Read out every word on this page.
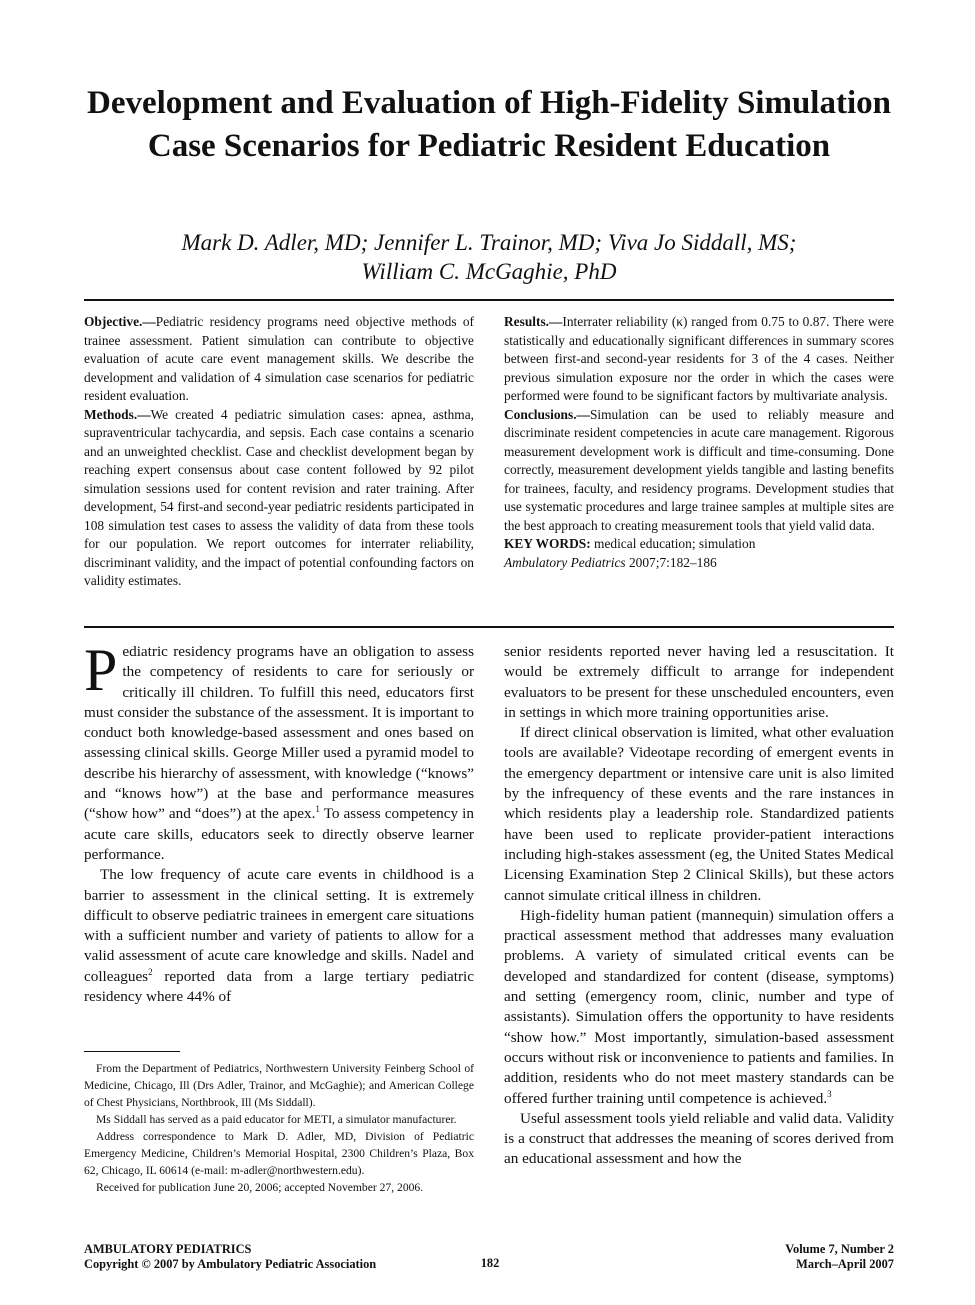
Development and Evaluation of High-Fidelity Simulation Case Scenarios for Pediatric Resident Education
Mark D. Adler, MD; Jennifer L. Trainor, MD; Viva Jo Siddall, MS;
William C. McGaghie, PhD

Objective.—Pediatric residency programs need objective methods of trainee assessment. Patient simulation can contribute to objective evaluation of acute care event management skills. We describe the development and validation of 4 simulation case scenarios for pediatric resident evaluation.

Methods.—We created 4 pediatric simulation cases: apnea, asthma, supraventricular tachycardia, and sepsis. Each case contains a scenario and an unweighted checklist. Case and checklist development began by reaching expert consensus about case content followed by 92 pilot simulation sessions used for content revision and rater training. After development, 54 first-and second-year pediatric residents participated in 108 simulation test cases to assess the validity of data from these tools for our population. We report outcomes for interrater reliability, discriminant validity, and the impact of potential confounding factors on validity estimates.

Results.—Interrater reliability (κ) ranged from 0.75 to 0.87. There were statistically and educationally significant differences in summary scores between first-and second-year residents for 3 of the 4 cases. Neither previous simulation exposure nor the order in which the cases were performed were found to be significant factors by multivariate analysis.

Conclusions.—Simulation can be used to reliably measure and discriminate resident competencies in acute care management. Rigorous measurement development work is difficult and time-consuming. Done correctly, measurement development yields tangible and lasting benefits for trainees, faculty, and residency programs. Development studies that use systematic procedures and large trainee samples at multiple sites are the best approach to creating measurement tools that yield valid data.

KEY WORDS: medical education; simulation

Ambulatory Pediatrics 2007;7:182–186

Pediatric residency programs have an obligation to assess the competency of residents to care for seriously or critically ill children. To fulfill this need, educators first must consider the substance of the assessment. It is important to conduct both knowledge-based assessment and ones based on assessing clinical skills. George Miller used a pyramid model to describe his hierarchy of assessment, with knowledge (“knows” and “knows how”) at the base and performance measures (“show how” and “does”) at the apex.$^1$ To assess competency in acute care skills, educators seek to directly observe learner performance.

The low frequency of acute care events in childhood is a barrier to assessment in the clinical setting. It is extremely difficult to observe pediatric trainees in emergent care situations with a sufficient number and variety of patients to allow for a valid assessment of acute care knowledge and skills. Nadel and colleagues$^2$ reported data from a large tertiary pediatric residency where 44% of

senior residents reported never having led a resuscitation. It would be extremely difficult to arrange for independent evaluators to be present for these unscheduled encounters, even in settings in which more training opportunities arise.

If direct clinical observation is limited, what other evaluation tools are available? Videotape recording of emergent events in the emergency department or intensive care unit is also limited by the infrequency of these events and the rare instances in which residents play a leadership role. Standardized patients have been used to replicate provider-patient interactions including high-stakes assessment (eg, the United States Medical Licensing Examination Step 2 Clinical Skills), but these actors cannot simulate critical illness in children.

High-fidelity human patient (mannequin) simulation offers a practical assessment method that addresses many evaluation problems. A variety of simulated critical events can be developed and standardized for content (disease, symptoms) and setting (emergency room, clinic, number and type of assistants). Simulation offers the opportunity to have residents “show how.” Most importantly, simulation-based assessment occurs without risk or inconvenience to patients and families. In addition, residents who do not meet mastery standards can be offered further training until competence is achieved.$^3$

Useful assessment tools yield reliable and valid data. Validity is a construct that addresses the meaning of scores derived from an educational assessment and how the

From the Department of Pediatrics, Northwestern University Feinberg School of Medicine, Chicago, Ill (Drs Adler, Trainor, and McGaghie); and American College of Chest Physicians, Northbrook, Ill (Ms Siddall).

Ms Siddall has served as a paid educator for METI, a simulator manufacturer.

Address correspondence to Mark D. Adler, MD, Division of Pediatric Emergency Medicine, Children’s Memorial Hospital, 2300 Children’s Plaza, Box 62, Chicago, IL 60614 (e-mail: m-adler@northwestern.edu).

Received for publication June 20, 2006; accepted November 27, 2006.

AMBULATORY PEDIATRICS
Copyright © 2007 by Ambulatory Pediatric Association	182
Volume 7, Number 2
March–April 2007
